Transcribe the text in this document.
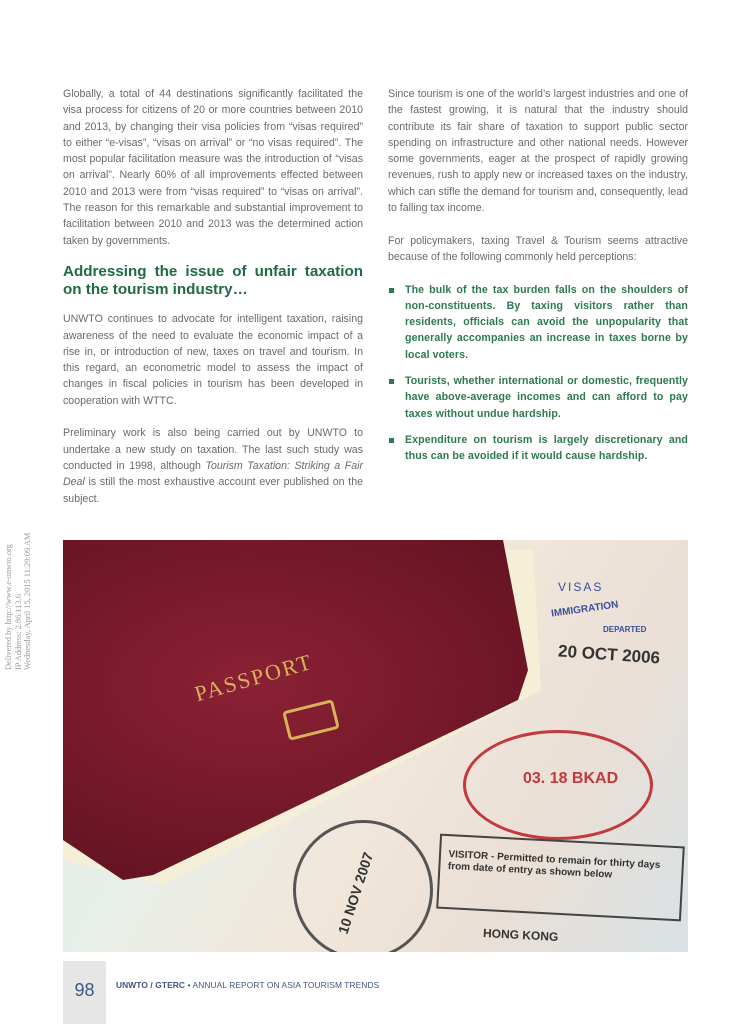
Globally, a total of 44 destinations significantly facilitated the visa process for citizens of 20 or more countries between 2010 and 2013, by changing their visa policies from “visas required” to either “e-visas”, “visas on arrival” or “no visas required”. The most popular facilitation measure was the introduction of “visas on arrival”. Nearly 60% of all improvements effected between 2010 and 2013 were from “visas required” to “visas on arrival”. The reason for this remarkable and substantial improvement to facilitation between 2010 and 2013 was the determined action taken by governments.

Addressing the issue of unfair taxation on the tourism industry…

UNWTO continues to advocate for intelligent taxation, raising awareness of the need to evaluate the economic impact of a rise in, or introduction of new, taxes on travel and tourism. In this regard, an econometric model to assess the impact of changes in fiscal policies in tourism has been developed in cooperation with WTTC.

Preliminary work is also being carried out by UNWTO to undertake a new study on taxation. The last such study was conducted in 1998, although Tourism Taxation: Striking a Fair Deal is still the most exhaustive account ever published on the subject.

Since tourism is one of the world’s largest industries and one of the fastest growing, it is natural that the industry should contribute its fair share of taxation to support public sector spending on infrastructure and other national needs. However some governments, eager at the prospect of rapidly growing revenues, rush to apply new or increased taxes on the industry, which can stifle the demand for tourism and, consequently, lead to falling tax income.

For policymakers, taxing Travel & Tourism seems attractive because of the following commonly held perceptions:

The bulk of the tax burden falls on the shoulders of non-constituents. By taxing visitors rather than residents, officials can avoid the unpopularity that generally accompanies an increase in taxes borne by local voters.
Tourists, whether international or domestic, frequently have above-average incomes and can afford to pay taxes without undue hardship.
Expenditure on tourism is largely discretionary and thus can be avoided if it would cause hardship.
Delivered by http://www.e-unwto.org IP Address: 2.86.113.6 Wednesday, April 15, 2015 11:29:09 AM
PASSPORT
VISAS
IMMIGRATION
DEPARTED
20 OCT 2006
03. 18 BKAD
10 NOV 2007	VISITOR - Permitted to remain for thirty days from date of entry as shown below
HONG KONG
98	UNWTO / GTERC • ANNUAL REPORT ON ASIA TOURISM TRENDS
